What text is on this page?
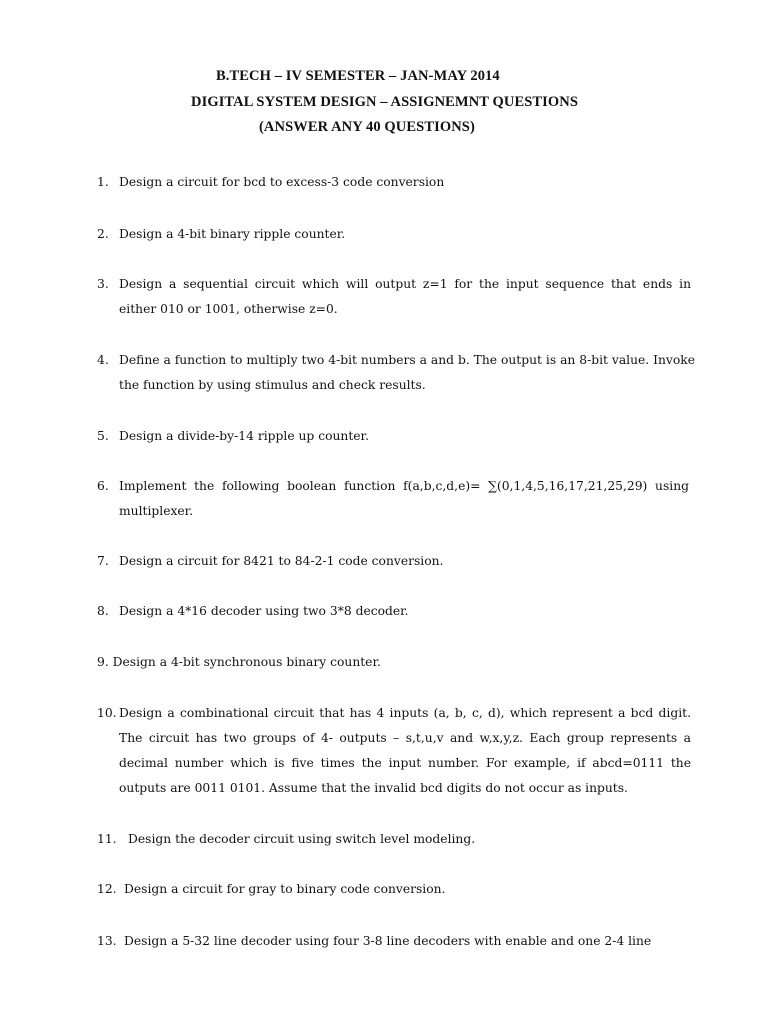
B.TECH – IV SEMESTER – JAN-MAY 2014
DIGITAL SYSTEM DESIGN – ASSIGNEMNT QUESTIONS
(ANSWER ANY 40 QUESTIONS)
1. Design a circuit for bcd to excess-3 code conversion
2. Design a 4-bit binary ripple counter.
3. Design a sequential circuit which will output z=1 for the input sequence that ends in either 010 or 1001, otherwise z=0.
4. Define a function to multiply two 4-bit numbers a and b. The output is an 8-bit value. Invoke the function by using stimulus and check results.
5. Design a divide-by-14 ripple up counter.
6. Implement the following boolean function f(a,b,c,d,e)= ∑(0,1,4,5,16,17,21,25,29) using multiplexer.
7. Design a circuit for 8421 to 84-2-1 code conversion.
8. Design a 4*16 decoder using two 3*8 decoder.
9. Design a 4-bit synchronous binary counter.
10. Design a combinational circuit that has 4 inputs (a, b, c, d), which represent a bcd digit. The circuit has two groups of 4- outputs – s,t,u,v and w,x,y,z. Each group represents a decimal number which is five times the input number. For example, if abcd=0111 the outputs are 0011 0101. Assume that the invalid bcd digits do not occur as inputs.
11. Design the decoder circuit using switch level modeling.
12. Design a circuit for gray to binary code conversion.
13. Design a 5-32 line decoder using four 3-8 line decoders with enable and one 2-4 line
